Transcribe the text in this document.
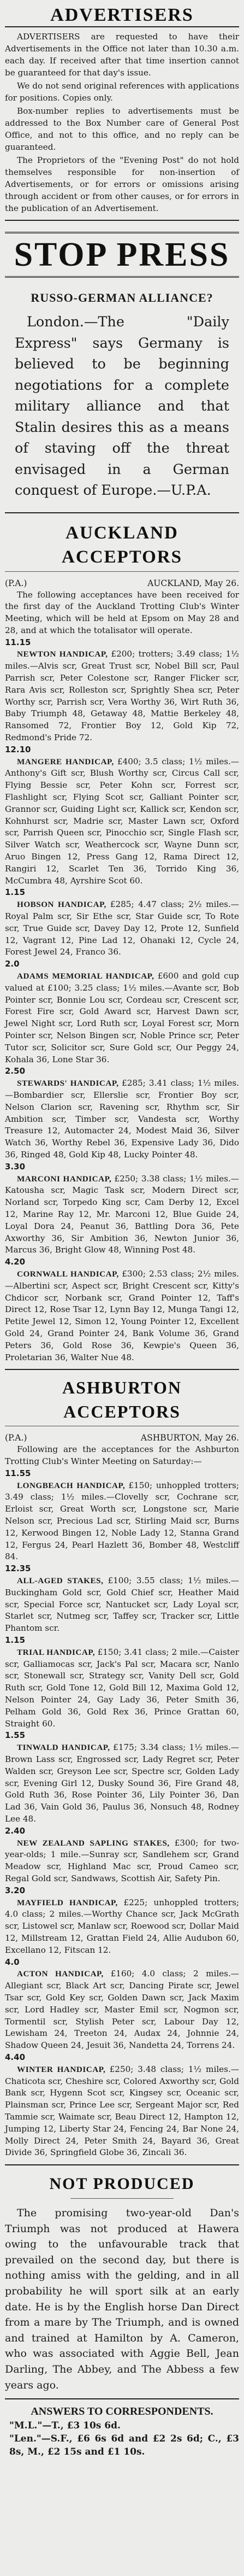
ADVERTISERS

ADVERTISERS are requested to have their Advertisements in the Office not later than 10.30 a.m. each day. If received after that time insertion cannot be guaranteed for that day's issue.

We do not send original references with applications for positions. Copies only.

Box-number replies to advertisements must be addressed to the Box Number care of General Post Office, and not to this office, and no reply can be guaranteed.

The Proprietors of the "Evening Post" do not hold themselves responsible for non-insertion of Advertisements, or for errors or omissions arising through accident or from other causes, or for errors in the publication of an Advertisement.

STOP PRESS

RUSSO-GERMAN ALLIANCE?

London.—The "Daily Express" says Germany is believed to be beginning negotiations for a complete military alliance and that Stalin desires this as a means of staving off the threat envisaged in a German conquest of Europe.—U.P.A.

AUCKLAND ACCEPTORS
(P.A.)	AUCKLAND, May 26.

The following acceptances have been received for the first day of the Auckland Trotting Club's Winter Meeting, which will be held at Epsom on May 28 and 28, and at which the totalisator will operate.

11.15

NEWTON HANDICAP, £200; trotters; 3.49 class; 1½ miles.—Alvis scr, Great Trust scr, Nobel Bill scr, Paul Parrish scr, Peter Colestone scr, Ranger Flicker scr, Rara Avis scr, Rolleston scr, Sprightly Shea scr, Peter Worthy scr, Parrish scr, Vera Worthy 36, Wirt Ruth 36, Baby Triumph 48, Getaway 48, Mattie Berkeley 48, Ransomed 72, Frontier Boy 12, Gold Kip 72, Redmond's Pride 72.

12.10

MANGERE HANDICAP, £400; 3.5 class; 1½ miles.—Anthony's Gift scr, Blush Worthy scr, Circus Call scr, Flying Bessie scr, Peter Kohn scr, Forrest scr, Flashlight scr, Flying Scot scr, Galliant Pointer scr, Grannor scr, Guiding Light scr, Kallick scr, Kendon scr, Kohnhurst scr, Madrie scr, Master Lawn scr, Oxford scr, Parrish Queen scr, Pinocchio scr, Single Flash scr, Silver Watch scr, Weathercock scr, Wayne Dunn scr, Aruo Bingen 12, Press Gang 12, Rama Direct 12, Rangiri 12, Scarlet Ten 36, Torrido King 36, McCumbra 48, Ayrshire Scot 60.

1.15

HOBSON HANDICAP, £285; 4.47 class; 2½ miles.—Royal Palm scr, Sir Ethe scr, Star Guide scr, To Rote scr, True Guide scr, Davey Day 12, Prote 12, Sunfield 12, Vagrant 12, Pine Lad 12, Ohanaki 12, Cycle 24, Forest Jewel 24, Franco 36.

2.0

ADAMS MEMORIAL HANDICAP, £600 and gold cup valued at £100; 3.25 class; 1½ miles.—Avante scr, Bob Pointer scr, Bonnie Lou scr, Cordeau scr, Crescent scr, Forest Fire scr, Gold Award scr, Harvest Dawn scr, Jewel Night scr, Lord Ruth scr, Loyal Forest scr, Morn Pointer scr, Nelson Bingen scr, Noble Prince scr, Peter Tutor scr, Solicitor scr, Sure Gold scr, Our Peggy 24, Kohala 36, Lone Star 36.

2.50

STEWARDS' HANDICAP, £285; 3.41 class; 1½ miles.—Bombardier scr, Ellerslie scr, Frontier Boy scr, Nelson Clarion scr, Ravening scr, Rhythm scr, Sir Ambition scr, Timber scr, Vandesta scr, Worthy Treasure 12, Automacter 24, Modest Maid 36, Silver Watch 36, Worthy Rebel 36, Expensive Lady 36, Dido 36, Ringed 48, Gold Kip 48, Lucky Pointer 48.

3.30

MARCONI HANDICAP, £250; 3.38 class; 1½ miles.—Katousha scr, Magic Task scr, Modern Direct scr, Norland scr, Torpedo King scr, Cam Derby 12, Excel 12, Marine Ray 12, Mr. Marconi 12, Blue Guide 24, Loyal Dora 24, Peanut 36, Battling Dora 36, Pete Axworthy 36, Sir Ambition 36, Newton Junior 36, Marcus 36, Bright Glow 48, Winning Post 48.

4.20

CORNWALL HANDICAP, £300; 2.53 class; 2½ miles.—Albertini scr, Aspect scr, Bright Crescent scr, Kitty's Chdicor scr, Norbank scr, Grand Pointer 12, Taff's Direct 12, Rose Tsar 12, Lynn Bay 12, Munga Tangi 12, Petite Jewel 12, Simon 12, Young Pointer 12, Excellent Gold 24, Grand Pointer 24, Bank Volume 36, Grand Peters 36, Gold Rose 36, Kewpie's Queen 36, Proletarian 36, Walter Nue 48.

ASHBURTON ACCEPTORS
(P.A.)	ASHBURTON, May 26.

Following are the acceptances for the Ashburton Trotting Club's Winter Meeting on Saturday:—

11.55

LONGBEACH HANDICAP, £150; unhoppled trotters; 3.49 class; 1½ miles.—Clovelly scr, Cochrane scr, Erloist scr, Great Worth scr, Longstone scr, Marie Nelson scr, Precious Lad scr, Stirling Maid scr, Burns 12, Kerwood Bingen 12, Noble Lady 12, Stanna Grand 12, Fergus 24, Pearl Hazlett 36, Bomber 48, Westcliff 84.

12.35

ALL-AGED STAKES, £100; 3.55 class; 1½ miles.—Buckingham Gold scr, Gold Chief scr, Heather Maid scr, Special Force scr, Nantucket scr, Lady Loyal scr, Starlet scr, Nutmeg scr, Taffey scr, Tracker scr, Little Phantom scr.

1.15

TRIAL HANDICAP, £150; 3.41 class; 2 mile.—Caister scr, Galliamocas scr, Jack's Pal scr, Macara scr, Nanlo scr, Stonewall scr, Strategy scr, Vanity Dell scr, Gold Ruth scr, Gold Tone 12, Gold Bill 12, Maxima Gold 12, Nelson Pointer 24, Gay Lady 36, Peter Smith 36, Pelham Gold 36, Gold Rex 36, Prince Grattan 60, Straight 60.

1.55

TINWALD HANDICAP, £175; 3.34 class; 1½ miles.—Brown Lass scr, Engrossed scr, Lady Regret scr, Peter Walden scr, Greyson Lee scr, Spectre scr, Golden Lady scr, Evening Girl 12, Dusky Sound 36, Fire Grand 48, Gold Ruth 36, Rose Pointer 36, Lily Pointer 36, Dan Lad 36, Vain Gold 36, Paulus 36, Nonsuch 48, Rodney Lee 48.

2.40

NEW ZEALAND SAPLING STAKES, £300; for two-year-olds; 1 mile.—Sunray scr, Sandlehem scr, Grand Meadow scr, Highland Mac scr, Proud Cameo scr, Regal Gold scr, Sandwaws, Scottish Air, Safety Pin.

3.20

MAYFIELD HANDICAP, £225; unhoppled trotters; 4.0 class; 2 miles.—Worthy Chance scr, Jack McGrath scr, Listowel scr, Manlaw scr, Roewood scr, Dollar Maid 12, Millstream 12, Grattan Field 24, Allie Audubon 60, Excellano 12, Fitscan 12.

4.0

ACTON HANDICAP, £160; 4.0 class; 2 miles.—Allegiant scr, Black Art scr, Dancing Pirate scr, Jewel Tsar scr, Gold Key scr, Golden Dawn scr, Jack Maxim scr, Lord Hadley scr, Master Emil scr, Nogmon scr, Tormentil scr, Stylish Peter scr, Labour Day 12, Lewisham 24, Treeton 24, Audax 24, Johnnie 24, Shadow Queen 24, Jesuit 36, Nandetta 24, Torrens 24.

4.40

WINTER HANDICAP, £250; 3.48 class; 1½ miles.—Chaticota scr, Cheshire scr, Colored Axworthy scr, Gold Bank scr, Hygenn Scot scr, Kingsey scr, Oceanic scr, Plainsman scr, Prince Lee scr, Sergeant Major scr, Red Tammie scr, Waimate scr, Beau Direct 12, Hampton 12, Jumping 12, Liberty Star 24, Fencing 24, Bar None 24, Molly Direct 24, Peter Smith 24, Bayard 36, Great Divide 36, Springfield Globe 36, Zincali 36.

NOT PRODUCED

The promising two-year-old Dan's Triumph was not produced at Hawera owing to the unfavourable track that prevailed on the second day, but there is nothing amiss with the gelding, and in all probability he will sport silk at an early date. He is by the English horse Dan Direct from a mare by The Triumph, and is owned and trained at Hamilton by A. Cameron, who was associated with Aggie Bell, Jean Darling, The Abbey, and The Abbess a few years ago.

ANSWERS TO CORRESPONDENTS.

"M.L."—T., £3 10s 6d.

"Len."—S.F., £6 6s 6d and £2 2s 6d; C., £3 8s, M., £2 15s and £1 10s.
